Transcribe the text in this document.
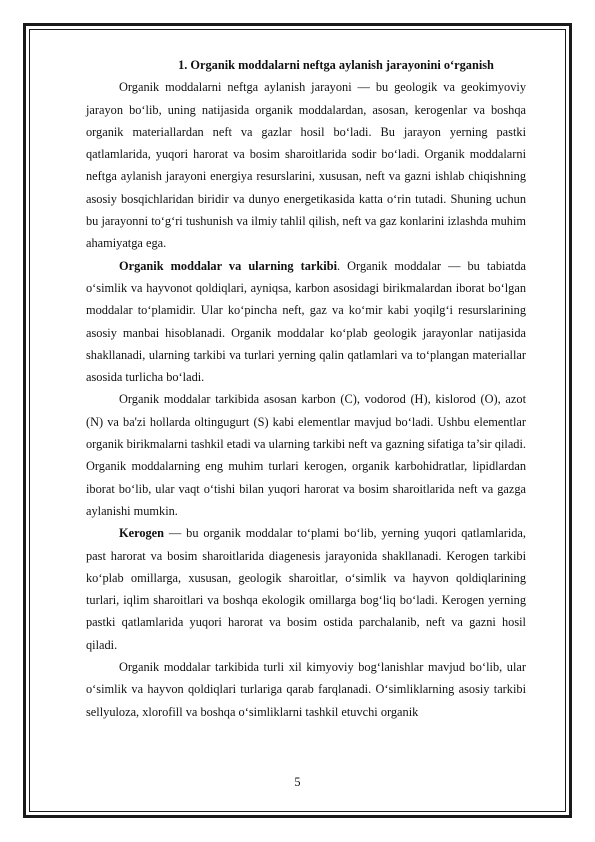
1. Organik moddalarni neftga aylanish jarayonini o‘rganish

Organik moddalarni neftga aylanish jarayoni — bu geologik va geokimyoviy jarayon bo‘lib, uning natijasida organik moddalardan, asosan, kerogenlar va boshqa organik materiallardan neft va gazlar hosil bo‘ladi. Bu jarayon yerning pastki qatlamlarida, yuqori harorat va bosim sharoitlarida sodir bo‘ladi. Organik moddalarni neftga aylanish jarayoni energiya resurslarini, xususan, neft va gazni ishlab chiqishning asosiy bosqichlaridan biridir va dunyo energetikasida katta o‘rin tutadi. Shuning uchun bu jarayonni to‘g‘ri tushunish va ilmiy tahlil qilish, neft va gaz konlarini izlashda muhim ahamiyatga ega.

Organik moddalar va ularning tarkibi. Organik moddalar — bu tabiatda o‘simlik va hayvonot qoldiqlari, ayniqsa, karbon asosidagi birikmalardan iborat bo‘lgan moddalar to‘plamidir. Ular ko‘pincha neft, gaz va ko‘mir kabi yoqilg‘i resurslarining asosiy manbai hisoblanadi. Organik moddalar ko‘plab geologik jarayonlar natijasida shakllanadi, ularning tarkibi va turlari yerning qalin qatlamlari va to‘plangan materiallar asosida turlicha bo‘ladi.

Organik moddalar tarkibida asosan karbon (C), vodorod (H), kislorod (O), azot (N) va ba'zi hollarda oltingugurt (S) kabi elementlar mavjud bo‘ladi. Ushbu elementlar organik birikmalarni tashkil etadi va ularning tarkibi neft va gazning sifatiga ta’sir qiladi. Organik moddalarning eng muhim turlari kerogen, organik karbohidratlar, lipidlardan iborat bo‘lib, ular vaqt o‘tishi bilan yuqori harorat va bosim sharoitlarida neft va gazga aylanishi mumkin.

Kerogen — bu organik moddalar to‘plami bo‘lib, yerning yuqori qatlamlarida, past harorat va bosim sharoitlarida diagenesis jarayonida shakllanadi. Kerogen tarkibi ko‘plab omillarga, xususan, geologik sharoitlar, o‘simlik va hayvon qoldiqlarining turlari, iqlim sharoitlari va boshqa ekologik omillarga bog‘liq bo‘ladi. Kerogen yerning pastki qatlamlarida yuqori harorat va bosim ostida parchalanib, neft va gazni hosil qiladi.

Organik moddalar tarkibida turli xil kimyoviy bog‘lanishlar mavjud bo‘lib, ular o‘simlik va hayvon qoldiqlari turlariga qarab farqlanadi. O‘simliklarning asosiy tarkibi sellyuloza, xlorofill va boshqa o‘simliklarni tashkil etuvchi organik

5
